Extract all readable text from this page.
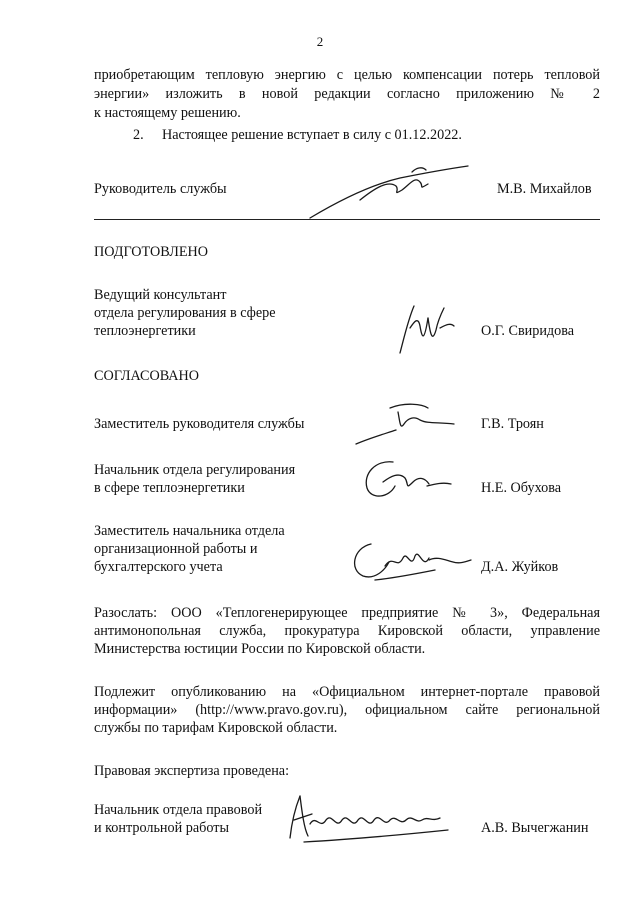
2
приобретающим тепловую энергию с целью компенсации потерь тепловой
энергии» изложить в новой редакции согласно приложению № 2
к настоящему решению.
2. Настоящее решение вступает в силу с 01.12.2022.
Руководитель службы	М.В. Михайлов
ПОДГОТОВЛЕНО
Ведущий консультант
отдела регулирования в сфере
теплоэнергетики	О.Г. Свиридова
СОГЛАСОВАНО
Заместитель руководителя службы	Г.В. Троян
Начальник отдела регулирования
в сфере теплоэнергетики	Н.Е. Обухова
Заместитель начальника отдела
организационной работы и
бухгалтерского учета	Д.А. Жуйков
Разослать: ООО «Теплогенерирующее предприятие № 3», Федеральная
антимонопольная служба, прокуратура Кировской области, управление
Министерства юстиции России по Кировской области.
Подлежит опубликованию на «Официальном интернет-портале правовой
информации» (http://www.pravo.gov.ru), официальном сайте региональной
службы по тарифам Кировской области.
Правовая экспертиза проведена:
Начальник отдела правовой
и контрольной работы	А.В. Вычегжанин
